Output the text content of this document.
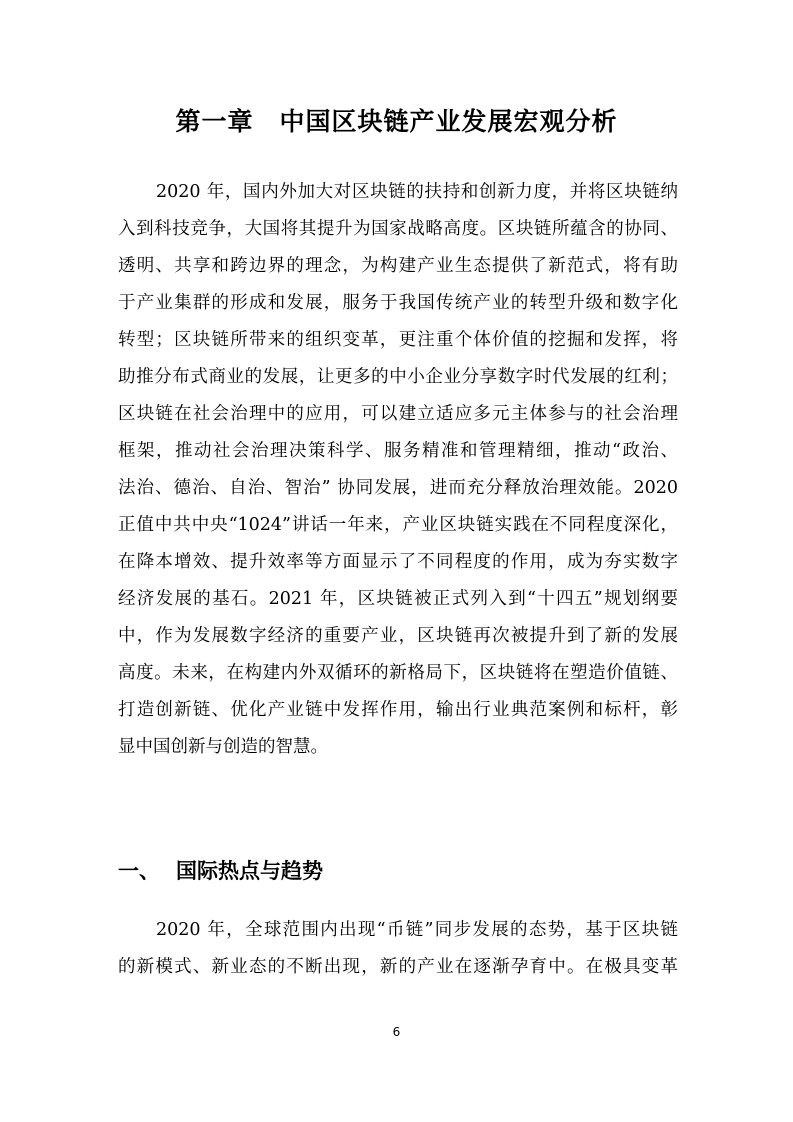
第一章　中国区块链产业发展宏观分析
2020 年，国内外加大对区块链的扶持和创新力度，并将区块链纳
入到科技竞争，大国将其提升为国家战略高度。区块链所蕴含的协同、
透明、共享和跨边界的理念，为构建产业生态提供了新范式，将有助
于产业集群的形成和发展，服务于我国传统产业的转型升级和数字化
转型；区块链所带来的组织变革，更注重个体价值的挖掘和发挥，将
助推分布式商业的发展，让更多的中小企业分享数字时代发展的红利；
区块链在社会治理中的应用，可以建立适应多元主体参与的社会治理
框架，推动社会治理决策科学、服务精准和管理精细，推动“政治、
法治、德治、自治、智治” 协同发展，进而充分释放治理效能。2020
正值中共中央“1024”讲话一年来，产业区块链实践在不同程度深化，
在降本增效、提升效率等方面显示了不同程度的作用，成为夯实数字
经济发展的基石。2021 年，区块链被正式列入到“十四五”规划纲要
中，作为发展数字经济的重要产业，区块链再次被提升到了新的发展
高度。未来，在构建内外双循环的新格局下，区块链将在塑造价值链、
打造创新链、优化产业链中发挥作用，输出行业典范案例和标杆，彰
显中国创新与创造的智慧。
一、 国际热点与趋势
2020 年，全球范围内出现“币链”同步发展的态势，基于区块链
的新模式、新业态的不断出现，新的产业在逐渐孕育中。在极具变革
6
